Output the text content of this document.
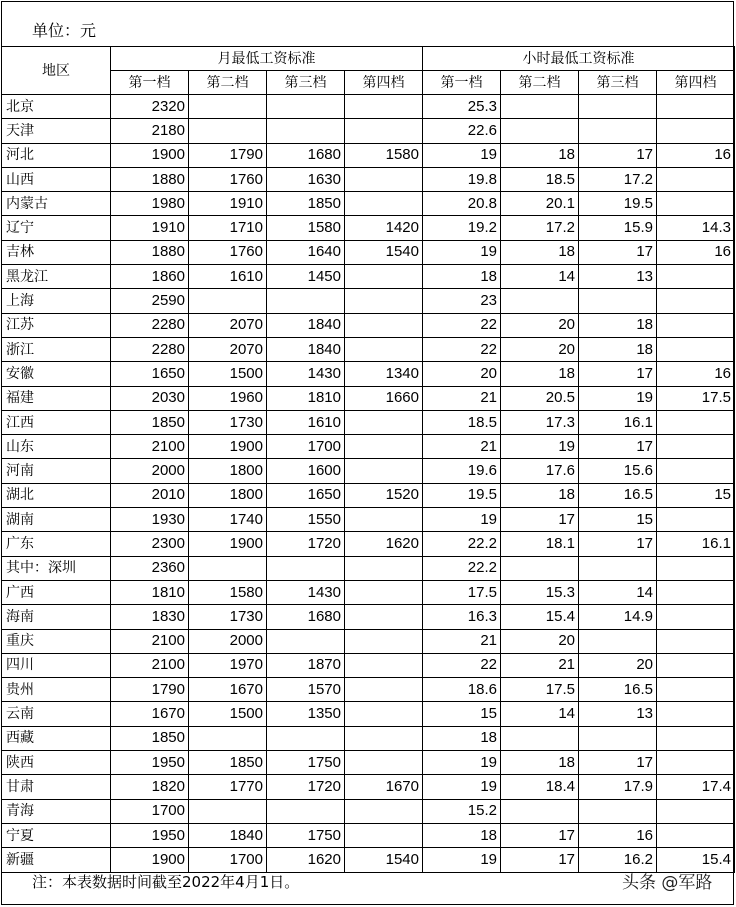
单位：元
地区	月最低工资标准				小时最低工资标准			
	第一档	第二档	第三档	第四档	第一档	第二档	第三档	第四档
北京	2320				25.3			
天津	2180				22.6			
河北	1900	1790	1680	1580	19	18	17	16
山西	1880	1760	1630		19.8	18.5	17.2	
内蒙古	1980	1910	1850		20.8	20.1	19.5	
辽宁	1910	1710	1580	1420	19.2	17.2	15.9	14.3
吉林	1880	1760	1640	1540	19	18	17	16
黑龙江	1860	1610	1450		18	14	13	
上海	2590				23			
江苏	2280	2070	1840		22	20	18	
浙江	2280	2070	1840		22	20	18	
安徽	1650	1500	1430	1340	20	18	17	16
福建	2030	1960	1810	1660	21	20.5	19	17.5
江西	1850	1730	1610		18.5	17.3	16.1	
山东	2100	1900	1700		21	19	17	
河南	2000	1800	1600		19.6	17.6	15.6	
湖北	2010	1800	1650	1520	19.5	18	16.5	15
湖南	1930	1740	1550		19	17	15	
广东	2300	1900	1720	1620	22.2	18.1	17	16.1
其中：深圳	2360				22.2			
广西	1810	1580	1430		17.5	15.3	14	
海南	1830	1730	1680		16.3	15.4	14.9	
重庆	2100	2000			21	20		
四川	2100	1970	1870		22	21	20	
贵州	1790	1670	1570		18.6	17.5	16.5	
云南	1670	1500	1350		15	14	13	
西藏	1850				18			
陕西	1950	1850	1750		19	18	17	
甘肃	1820	1770	1720	1670	19	18.4	17.9	17.4
青海	1700				15.2			
宁夏	1950	1840	1750		18	17	16	
新疆	1900	1700	1620	1540	19	17	16.2	15.4
注：本表数据时间截至2022年4月1日。	头条 @军路
